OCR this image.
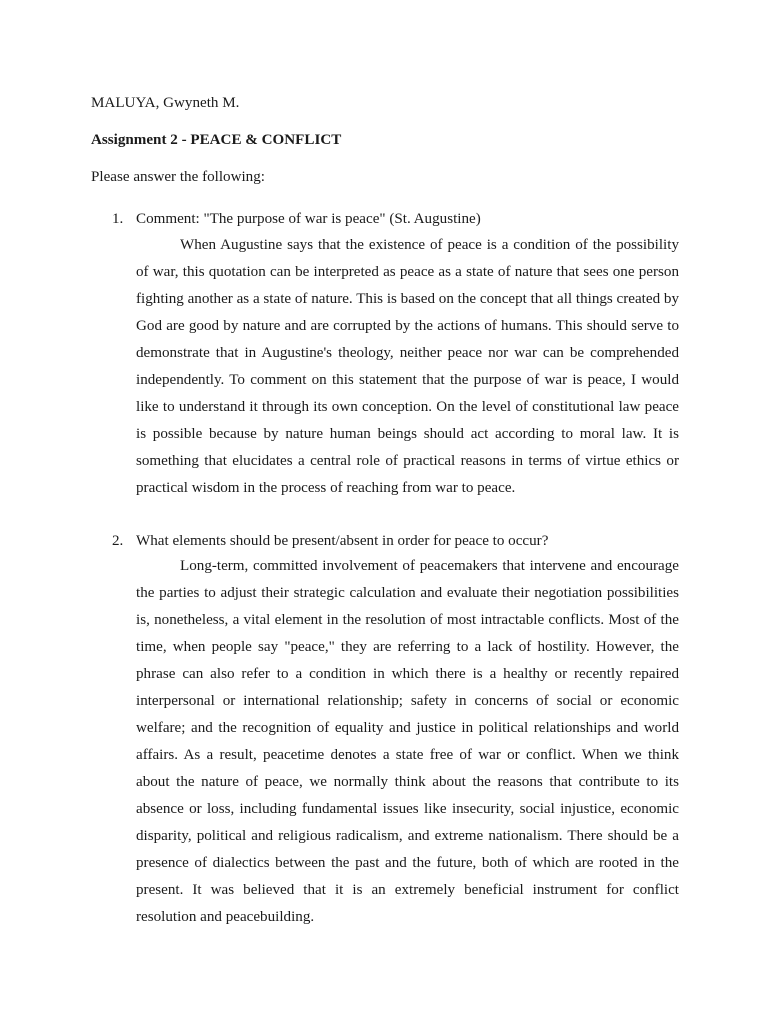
MALUYA, Gwyneth M.
Assignment 2 - PEACE & CONFLICT
Please answer the following:
1. Comment: "The purpose of war is peace" (St. Augustine)

When Augustine says that the existence of peace is a condition of the possibility of war, this quotation can be interpreted as peace as a state of nature that sees one person fighting another as a state of nature. This is based on the concept that all things created by God are good by nature and are corrupted by the actions of humans. This should serve to demonstrate that in Augustine's theology, neither peace nor war can be comprehended independently. To comment on this statement that the purpose of war is peace, I would like to understand it through its own conception. On the level of constitutional law peace is possible because by nature human beings should act according to moral law. It is something that elucidates a central role of practical reasons in terms of virtue ethics or practical wisdom in the process of reaching from war to peace.

2. What elements should be present/absent in order for peace to occur?

Long-term, committed involvement of peacemakers that intervene and encourage the parties to adjust their strategic calculation and evaluate their negotiation possibilities is, nonetheless, a vital element in the resolution of most intractable conflicts. Most of the time, when people say "peace," they are referring to a lack of hostility. However, the phrase can also refer to a condition in which there is a healthy or recently repaired interpersonal or international relationship; safety in concerns of social or economic welfare; and the recognition of equality and justice in political relationships and world affairs. As a result, peacetime denotes a state free of war or conflict. When we think about the nature of peace, we normally think about the reasons that contribute to its absence or loss, including fundamental issues like insecurity, social injustice, economic disparity, political and religious radicalism, and extreme nationalism. There should be a presence of dialectics between the past and the future, both of which are rooted in the present. It was believed that it is an extremely beneficial instrument for conflict resolution and peacebuilding.
